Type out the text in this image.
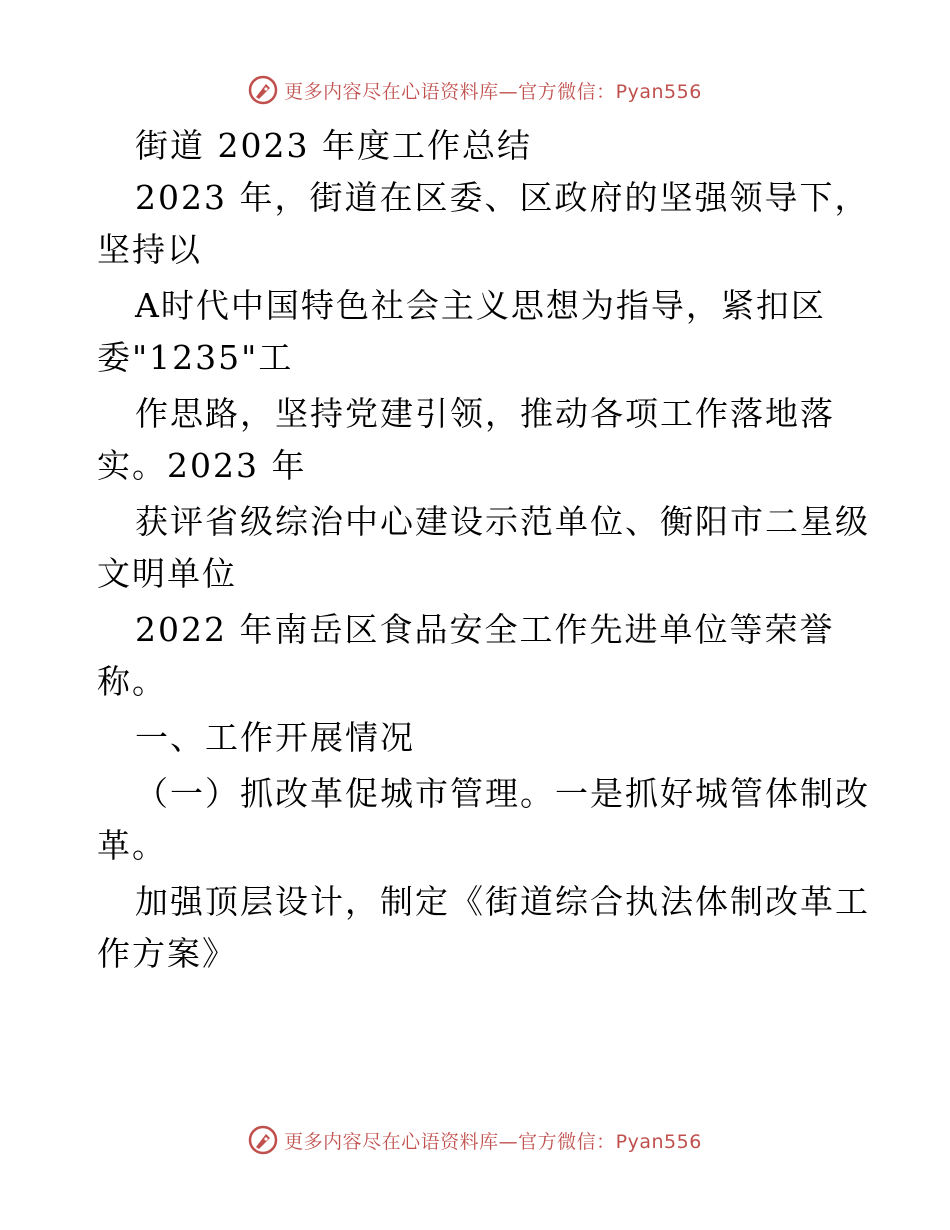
更多内容尽在心语资料库—官方微信：Pyan556
街道 2023 年度工作总结
2023 年，街道在区委、区政府的坚强领导下，
坚持以
A时代中国特色社会主义思想为指导，紧扣区
委"1235"工
作思路，坚持党建引领，推动各项工作落地落
实。2023 年
获评省级综治中心建设示范单位、衡阳市二星级
文明单位
2022 年南岳区食品安全工作先进单位等荣誉
称。
一、工作开展情况
（一）抓改革促城市管理。一是抓好城管体制改
革。
加强顶层设计，制定《街道综合执法体制改革工
作方案》
更多内容尽在心语资料库—官方微信：Pyan556
